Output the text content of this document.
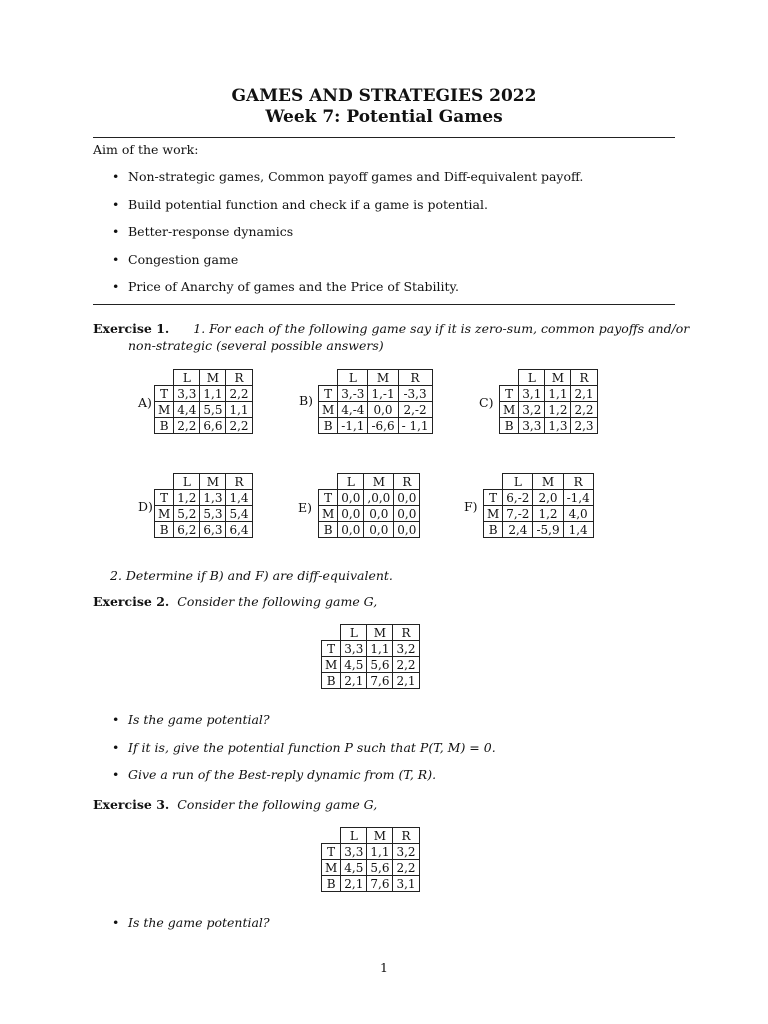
GAMES AND STRATEGIES 2022
Week 7: Potential Games
Aim of the work:
• Non-strategic games, Common payoff games and Diff-equivalent payoff.
• Build potential function and check if a game is potential.
• Better-response dynamics
• Congestion game
• Price of Anarchy of games and the Price of Stability.
Exercise 1. 1. For each of the following game say if it is zero-sum, common payoffs and/or
non-strategic (several possible answers)
A)
	L	M	R
T	3,3	1,1	2,2
M	4,4	5,5	1,1
B	2,2	6,6	2,2
B)
	L	M	R
T	3,-3	1,-1	-3,3
M	4,-4	0,0	2,-2
B	-1,1	-6,6	- 1,1
C)
	L	M	R
T	3,1	1,1	2,1
M	3,2	1,2	2,2
B	3,3	1,3	2,3
D)
	L	M	R
T	1,2	1,3	1,4
M	5,2	5,3	5,4
B	6,2	6,3	6,4
E)
	L	M	R
T	0,0	,0,0	0,0
M	0,0	0,0	0,0
B	0,0	0,0	0,0
F)
	L	M	R
T	6,-2	2,0	-1,4
M	7,-2	1,2	4,0
B	2,4	-5,9	1,4
2. Determine if B) and F) are diff-equivalent.
Exercise 2. Consider the following game G,
	L	M	R
T	3,3	1,1	3,2
M	4,5	5,6	2,2
B	2,1	7,6	2,1
• Is the game potential?
• If it is, give the potential function P such that P(T, M) = 0.
• Give a run of the Best-reply dynamic from (T, R).
Exercise 3. Consider the following game G,
	L	M	R
T	3,3	1,1	3,2
M	4,5	5,6	2,2
B	2,1	7,6	3,1
• Is the game potential?
1
